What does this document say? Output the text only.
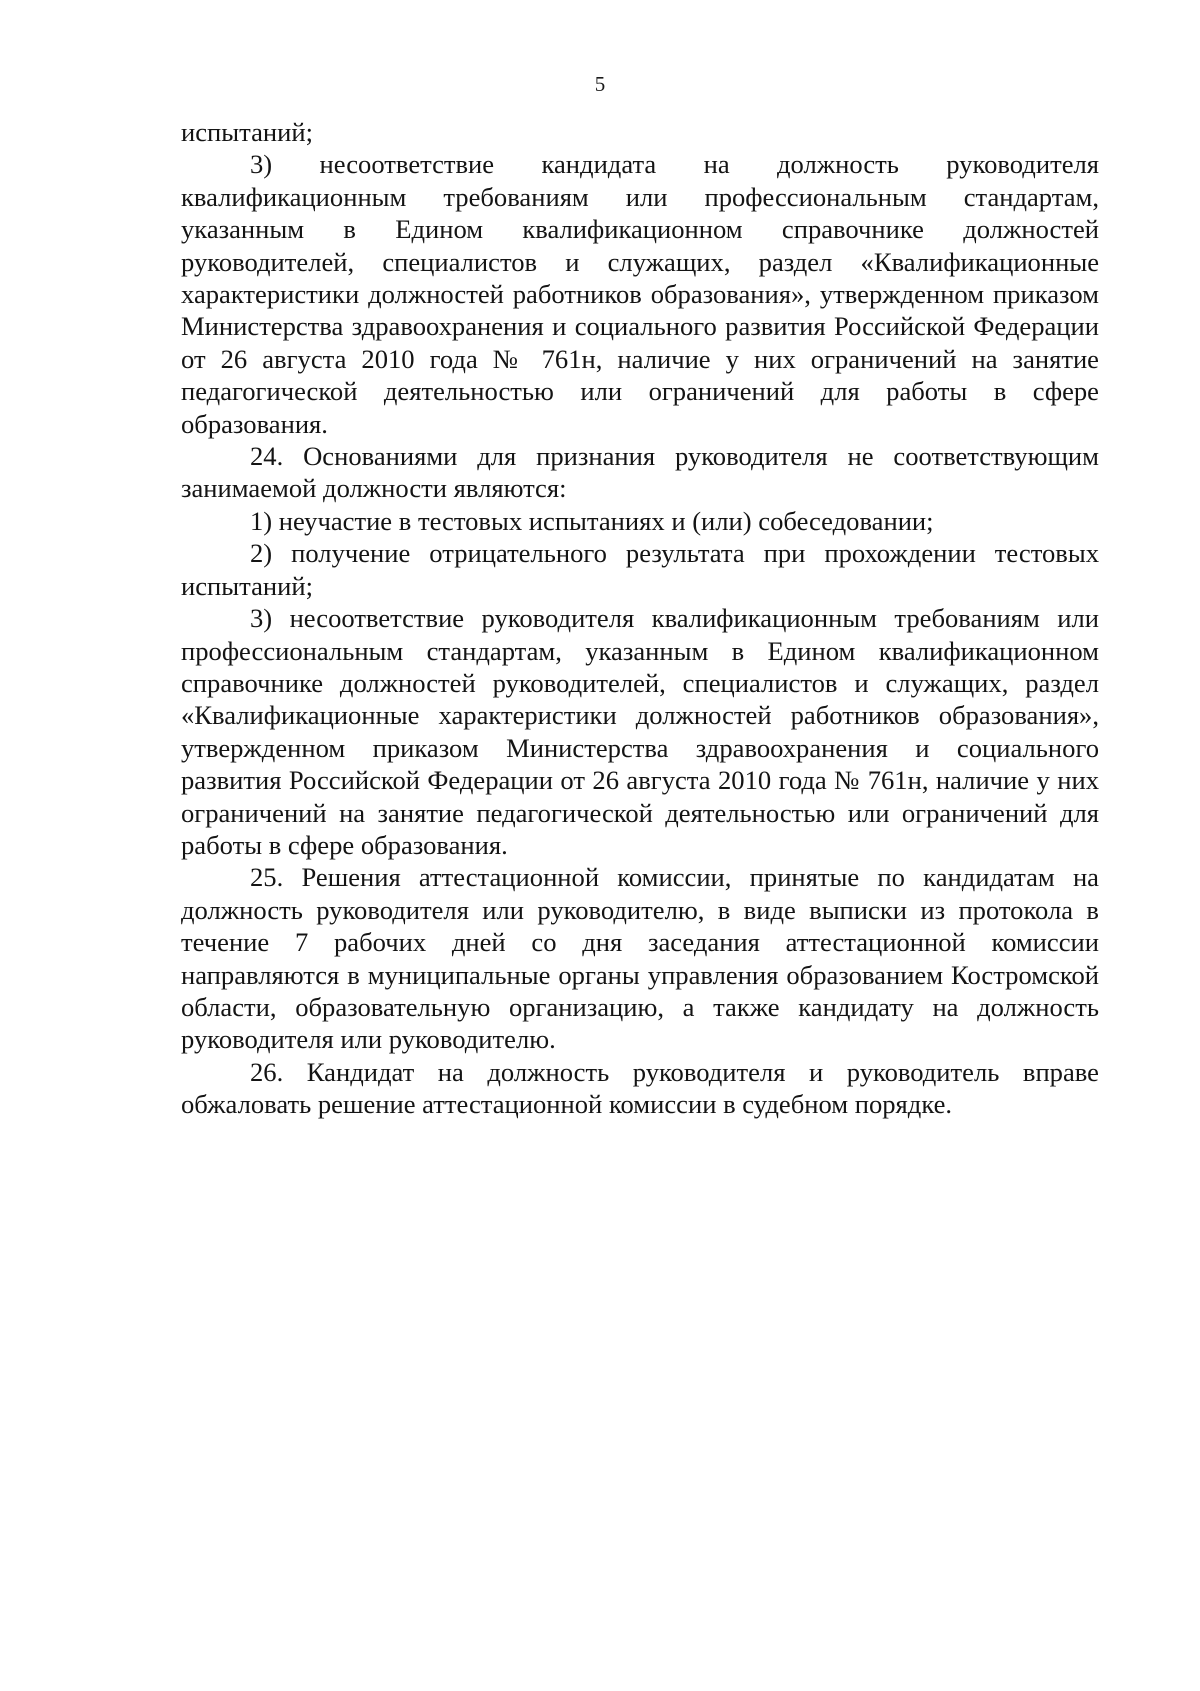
5

испытаний;

3) несоответствие кандидата на должность руководителя квалификационным требованиям или профессиональным стандартам, указанным в Едином квалификационном справочнике должностей руководителей, специалистов и служащих, раздел «Квалификационные характеристики должностей работников образования», утвержденном приказом Министерства здравоохранения и социального развития Российской Федерации от 26 августа 2010 года № 761н, наличие у них ограничений на занятие педагогической деятельностью или ограничений для работы в сфере образования.

24. Основаниями для признания руководителя не соответствующим занимаемой должности являются:

1) неучастие в тестовых испытаниях и (или) собеседовании;

2) получение отрицательного результата при прохождении тестовых испытаний;

3) несоответствие руководителя квалификационным требованиям или профессиональным стандартам, указанным в Едином квалификационном справочнике должностей руководителей, специалистов и служащих, раздел «Квалификационные характеристики должностей работников образования», утвержденном приказом Министерства здравоохранения и социального развития Российской Федерации от 26 августа 2010 года № 761н, наличие у них ограничений на занятие педагогической деятельностью или ограничений для работы в сфере образования.

25. Решения аттестационной комиссии, принятые по кандидатам на должность руководителя или руководителю, в виде выписки из протокола в течение 7 рабочих дней со дня заседания аттестационной комиссии направляются в муниципальные органы управления образованием Костромской области, образовательную организацию, а также кандидату на должность руководителя или руководителю.

26. Кандидат на должность руководителя и руководитель вправе обжаловать решение аттестационной комиссии в судебном порядке.
